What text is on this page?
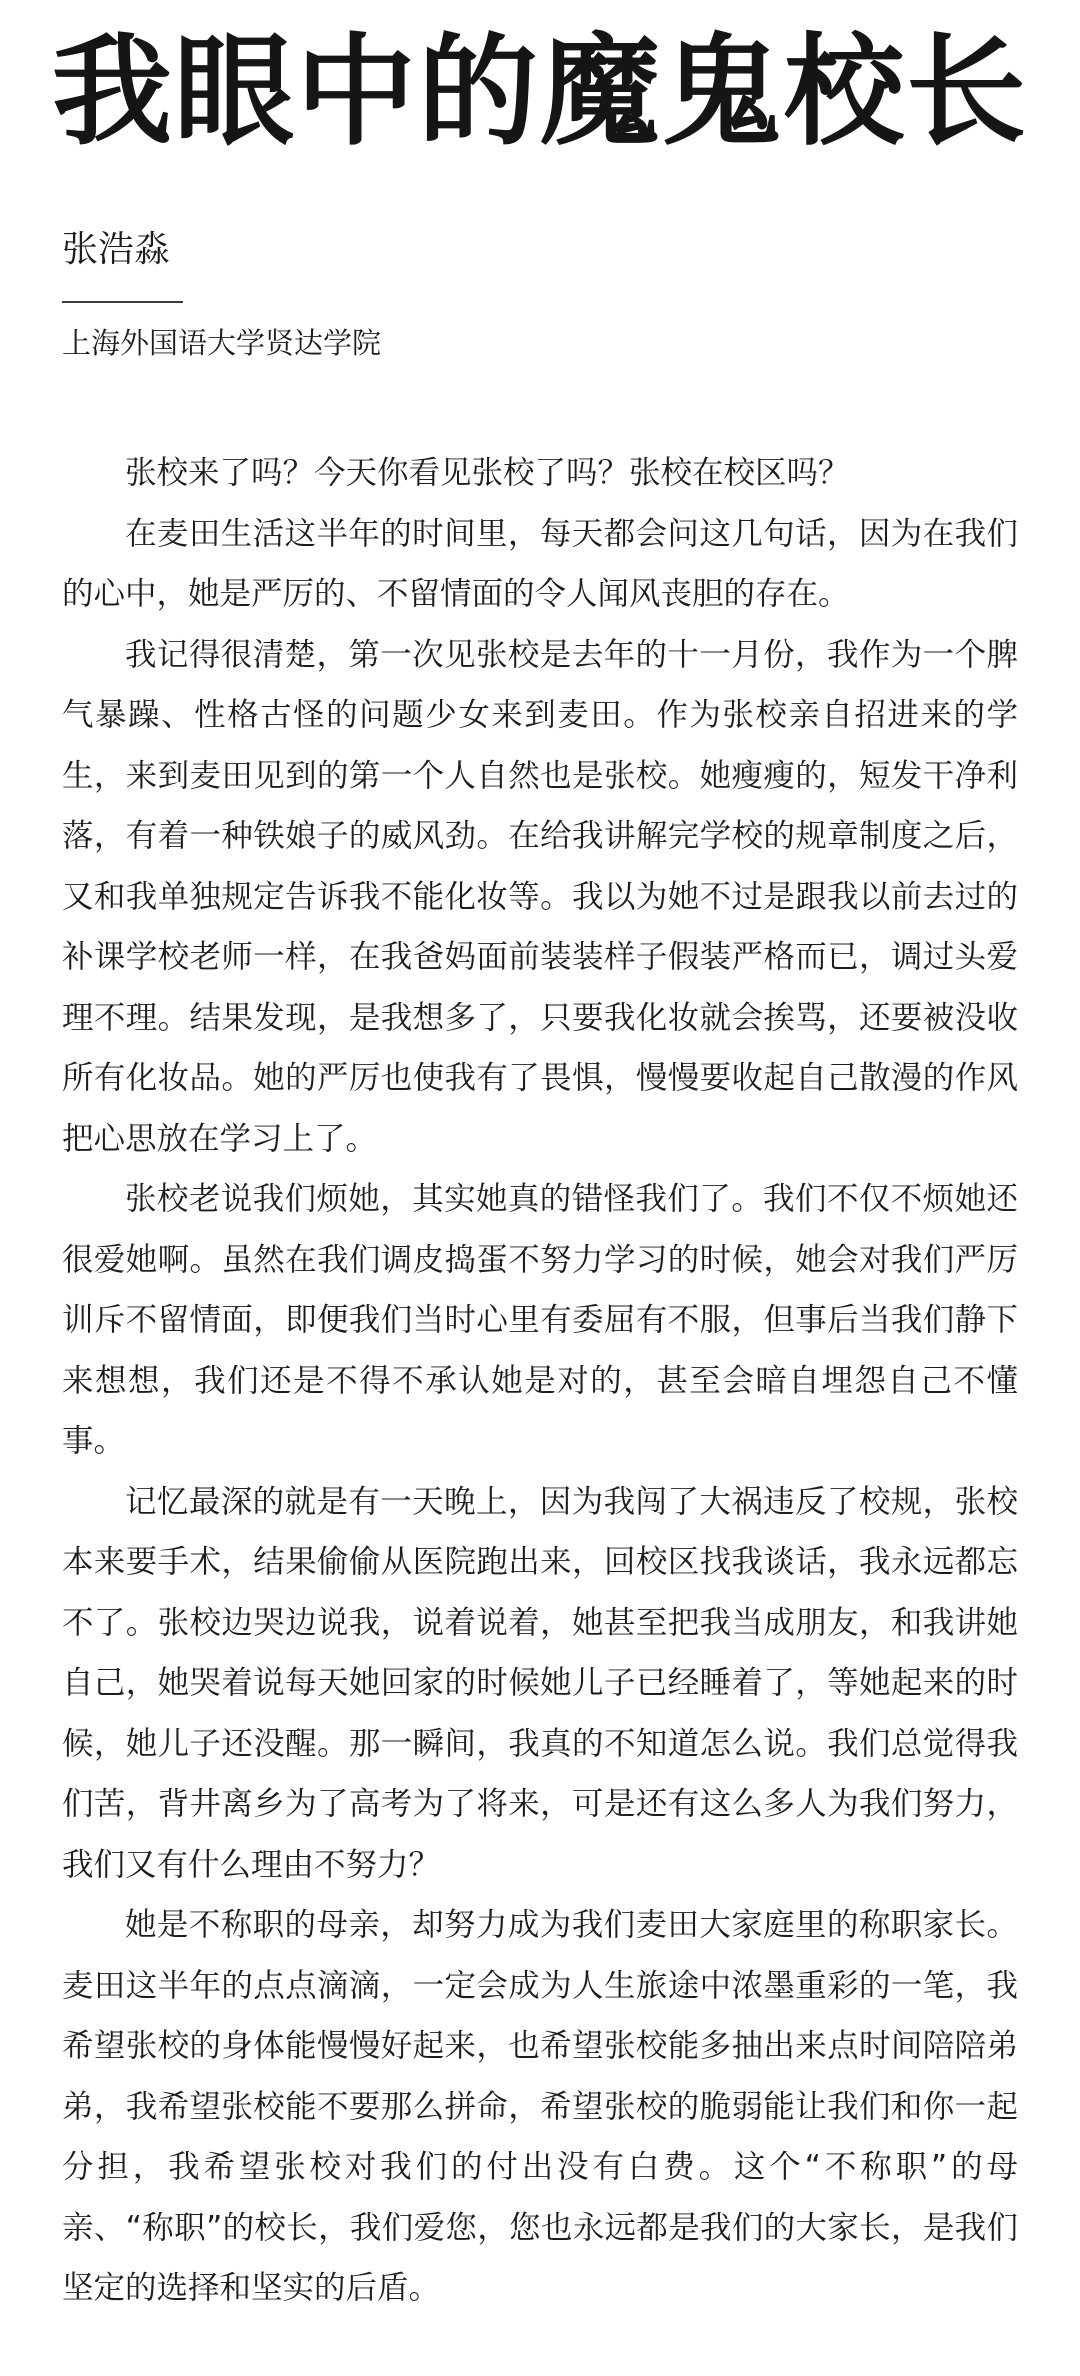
我眼中的魔鬼校长

张浩淼

上海外国语大学贤达学院

张校来了吗？今天你看见张校了吗？张校在校区吗？

在麦田生活这半年的时间里，每天都会问这几句话，因为在我们的心中，她是严厉的、不留情面的令人闻风丧胆的存在。

我记得很清楚，第一次见张校是去年的十一月份，我作为一个脾气暴躁、性格古怪的问题少女来到麦田。作为张校亲自招进来的学生，来到麦田见到的第一个人自然也是张校。她瘦瘦的，短发干净利落，有着一种铁娘子的威风劲。在给我讲解完学校的规章制度之后，又和我单独规定告诉我不能化妆等。我以为她不过是跟我以前去过的补课学校老师一样，在我爸妈面前装装样子假装严格而已，调过头爱理不理。结果发现，是我想多了，只要我化妆就会挨骂，还要被没收所有化妆品。她的严厉也使我有了畏惧，慢慢要收起自己散漫的作风把心思放在学习上了。

张校老说我们烦她，其实她真的错怪我们了。我们不仅不烦她还很爱她啊。虽然在我们调皮捣蛋不努力学习的时候，她会对我们严厉训斥不留情面，即便我们当时心里有委屈有不服，但事后当我们静下来想想，我们还是不得不承认她是对的，甚至会暗自埋怨自己不懂事。

记忆最深的就是有一天晚上，因为我闯了大祸违反了校规，张校本来要手术，结果偷偷从医院跑出来，回校区找我谈话，我永远都忘不了。张校边哭边说我，说着说着，她甚至把我当成朋友，和我讲她自己，她哭着说每天她回家的时候她儿子已经睡着了，等她起来的时候，她儿子还没醒。那一瞬间，我真的不知道怎么说。我们总觉得我们苦，背井离乡为了高考为了将来，可是还有这么多人为我们努力，我们又有什么理由不努力？

她是不称职的母亲，却努力成为我们麦田大家庭里的称职家长。麦田这半年的点点滴滴，一定会成为人生旅途中浓墨重彩的一笔，我希望张校的身体能慢慢好起来，也希望张校能多抽出来点时间陪陪弟弟，我希望张校能不要那么拼命，希望张校的脆弱能让我们和你一起分担，我希望张校对我们的付出没有白费。这个“不称职”的母亲、“称职”的校长，我们爱您，您也永远都是我们的大家长，是我们坚定的选择和坚实的后盾。
